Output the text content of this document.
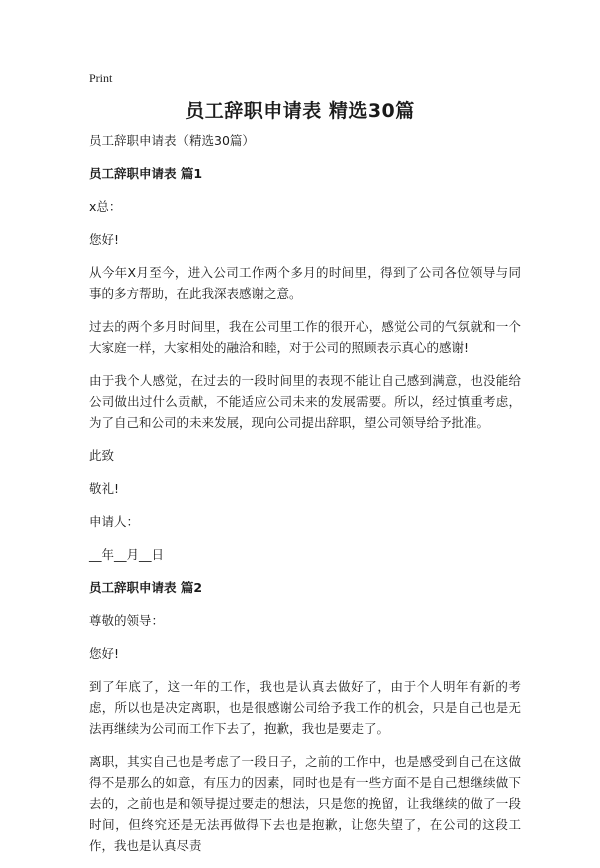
Print
员工辞职申请表 精选30篇

员工辞职申请表（精选30篇）

员工辞职申请表 篇1

x总：

您好!

从今年X月至今，进入公司工作两个多月的时间里，得到了公司各位领导与同事的多方帮助，在此我深表感谢之意。

过去的两个多月时间里，我在公司里工作的很开心，感觉公司的气氛就和一个大家庭一样，大家相处的融洽和睦，对于公司的照顾表示真心的感谢!

由于我个人感觉，在过去的一段时间里的表现不能让自己感到满意，也没能给公司做出过什么贡献，不能适应公司未来的发展需要。所以，经过慎重考虑，为了自己和公司的未来发展，现向公司提出辞职，望公司领导给予批准。

此致

敬礼!

申请人：

__年__月__日

员工辞职申请表 篇2

尊敬的领导：

您好!

到了年底了，这一年的工作，我也是认真去做好了，由于个人明年有新的考虑，所以也是决定离职，也是很感谢公司给予我工作的机会，只是自己也是无法再继续为公司而工作下去了，抱歉，我也是要走了。

离职，其实自己也是考虑了一段日子，之前的工作中，也是感受到自己在这做得不是那么的如意，有压力的因素，同时也是有一些方面不是自己想继续做下去的，之前也是和领导提过要走的想法，只是您的挽留，让我继续的做了一段时间，但终究还是无法再做得下去也是抱歉，让您失望了，在公司的这段工作，我也是认真尽责
